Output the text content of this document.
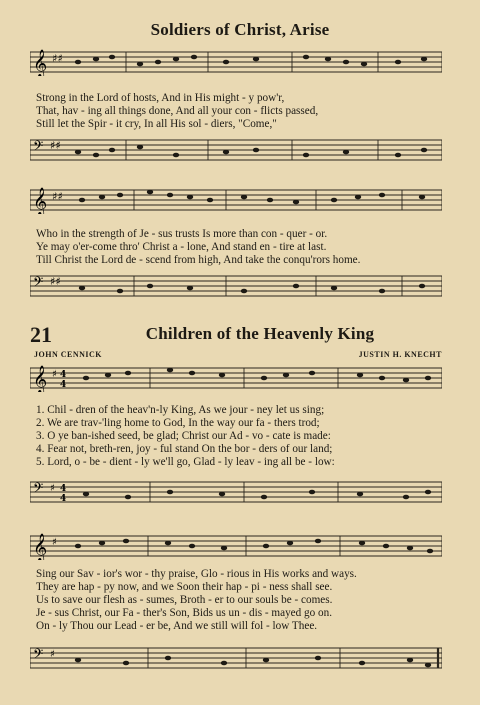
Soldiers of Christ, Arise
𝄞 ♯♯
Strong in the Lord of hosts, And in His might - y pow'r,
That, hav - ing all things done, And all your con - flicts passed,
Still let the Spir - it cry, In all His sol - diers, "Come,"
𝄢 ♯♯
𝄞 ♯♯
Who in the strength of Je - sus trusts Is more than con - quer - or.
Ye may o'er-come thro' Christ a - lone, And stand en - tire at last.
Till Christ the Lord de - scend from high, And take the conqu'rors home.
𝄢 ♯♯
21	Children of the Heavenly King
JOHN CENNICK	JUSTIN H. KNECHT
𝄞 ♯ 4
4
1. Chil - dren of the heav'n-ly King, As we jour - ney let us sing;
2. We are trav-'ling home to God, In the way our fa - thers trod;
3. O ye ban-ished seed, be glad; Christ our Ad - vo - cate is made:
4. Fear not, breth-ren, joy - ful stand On the bor - ders of our land;
5. Lord, o - be - dient - ly we'll go, Glad - ly leav - ing all be - low:
𝄢 ♯ 4
4
𝄞 ♯
Sing our Sav - ior's wor - thy praise, Glo - rious in His works and ways.
They are hap - py now, and we Soon their hap - pi - ness shall see.
Us to save our flesh as - sumes, Broth - er to our souls be - comes.
Je - sus Christ, our Fa - ther's Son, Bids us un - dis - mayed go on.
On - ly Thou our Lead - er be, And we still will fol - low Thee.
𝄢 ♯
